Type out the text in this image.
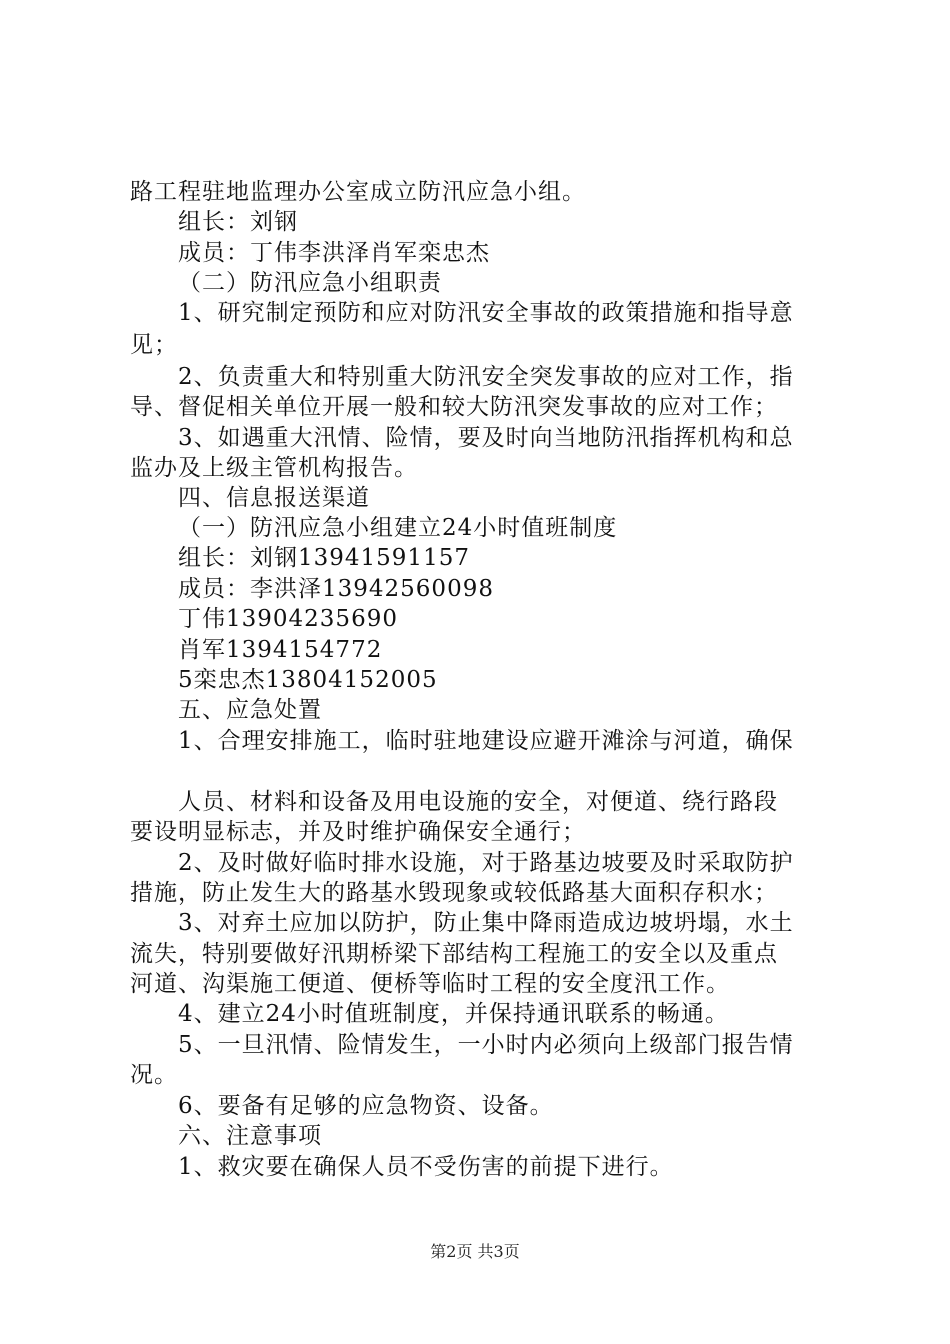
路工程驻地监理办公室成立防汛应急小组。
组长：刘钢
成员：丁伟李洪泽肖军栾忠杰
（二）防汛应急小组职责
1、研究制定预防和应对防汛安全事故的政策措施和指导意
见；
2、负责重大和特别重大防汛安全突发事故的应对工作，指
导、督促相关单位开展一般和较大防汛突发事故的应对工作；
3、如遇重大汛情、险情，要及时向当地防汛指挥机构和总
监办及上级主管机构报告。
四、信息报送渠道
（一）防汛应急小组建立24小时值班制度
组长：刘钢13941591157
成员：李洪泽13942560098
丁伟13904235690
肖军1394154772
5栾忠杰13804152005
五、应急处置
1、合理安排施工，临时驻地建设应避开滩涂与河道，确保
人员、材料和设备及用电设施的安全，对便道、绕行路段
要设明显标志，并及时维护确保安全通行；
2、及时做好临时排水设施，对于路基边坡要及时采取防护
措施，防止发生大的路基水毁现象或较低路基大面积存积水；
3、对弃土应加以防护，防止集中降雨造成边坡坍塌，水土
流失，特别要做好汛期桥梁下部结构工程施工的安全以及重点
河道、沟渠施工便道、便桥等临时工程的安全度汛工作。
4、建立24小时值班制度，并保持通讯联系的畅通。
5、一旦汛情、险情发生，一小时内必须向上级部门报告情
况。
6、要备有足够的应急物资、设备。
六、注意事项
1、救灾要在确保人员不受伤害的前提下进行。
第2页 共3页
